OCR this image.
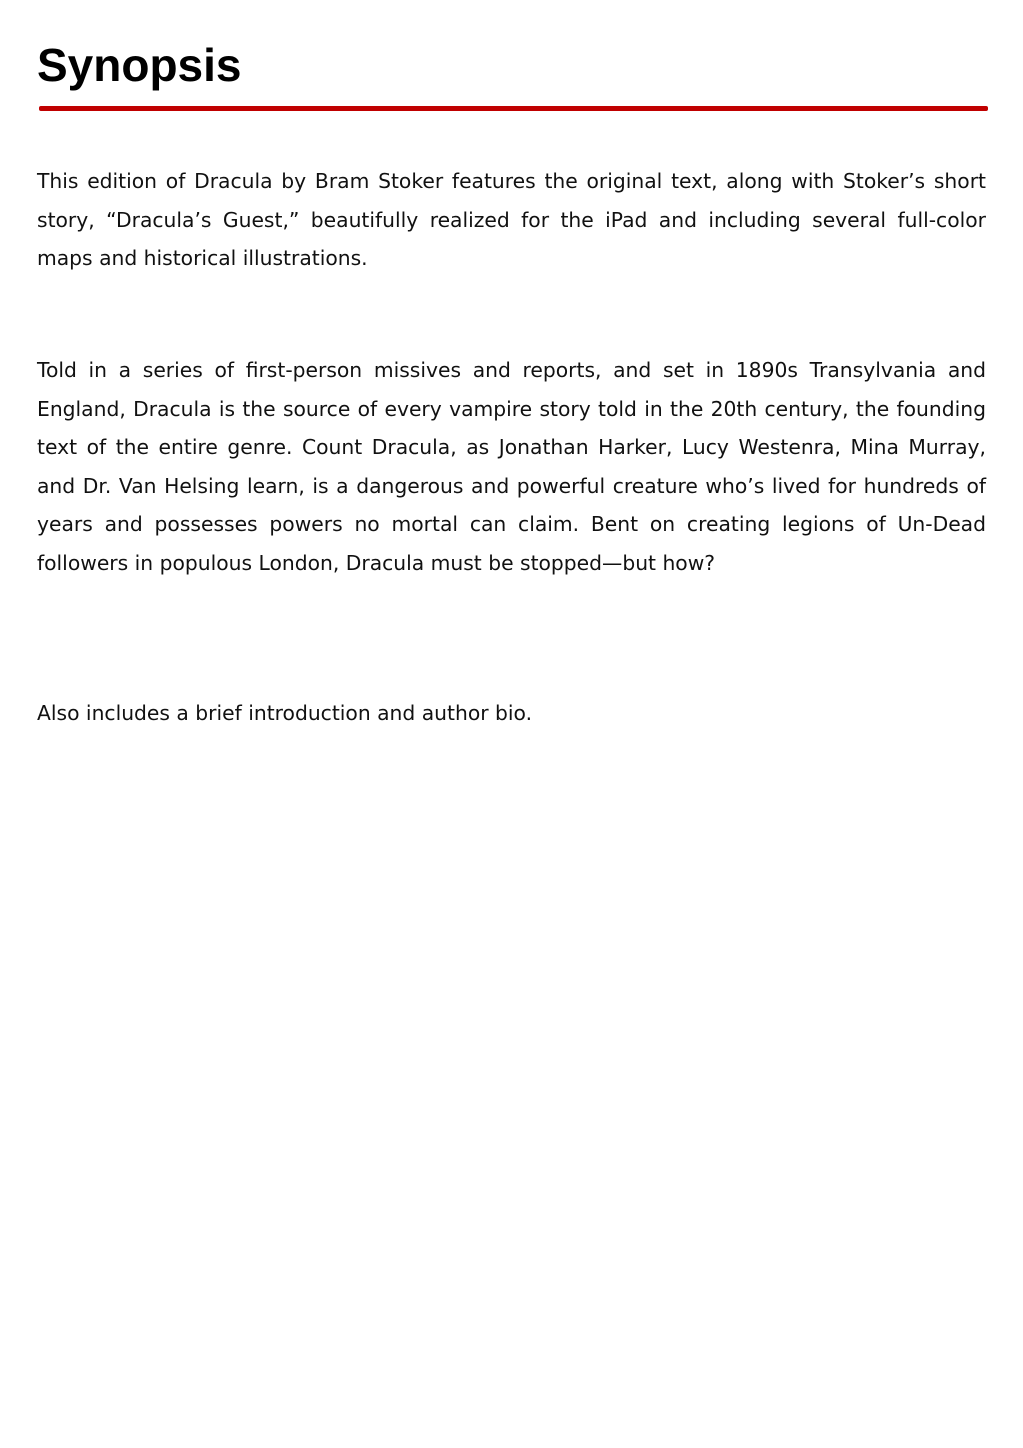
Synopsis

This edition of Dracula by Bram Stoker features the original text, along with Stoker’s short story, “Dracula’s Guest,” beautifully realized for the iPad and including several full-color maps and historical illustrations.

Told in a series of first-person missives and reports, and set in 1890s Transylvania and England, Dracula is the source of every vampire story told in the 20th century, the founding text of the entire genre. Count Dracula, as Jonathan Harker, Lucy Westenra, Mina Murray, and Dr. Van Helsing learn, is a dangerous and powerful creature who’s lived for hundreds of years and possesses powers no mortal can claim. Bent on creating legions of Un-Dead followers in populous London, Dracula must be stopped—but how?

Also includes a brief introduction and author bio.
